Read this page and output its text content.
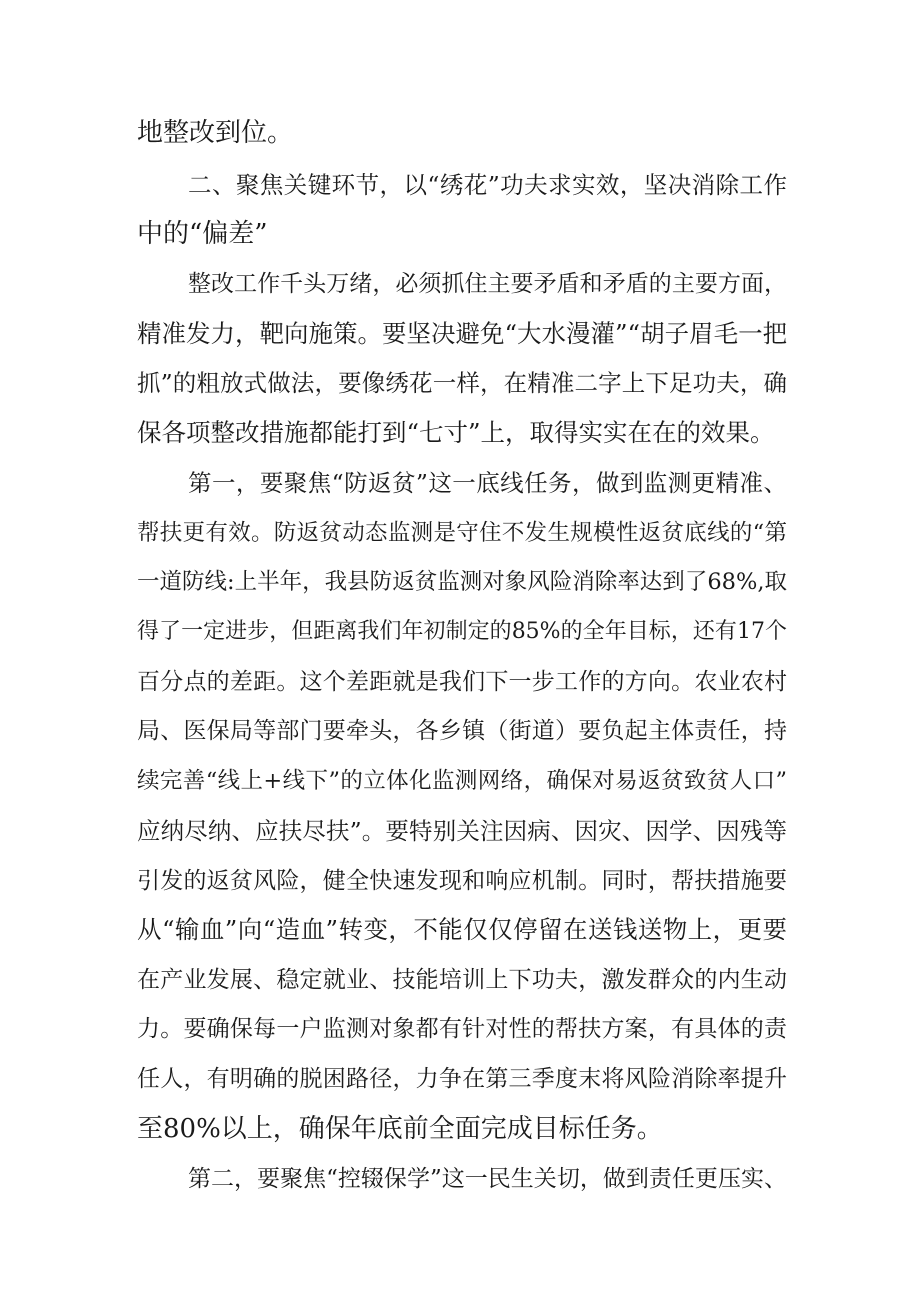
地整改到位。
二、聚焦关键环节，以“绣花”功夫求实效，坚决消除工作
中的“偏差”
整改工作千头万绪，必须抓住主要矛盾和矛盾的主要方面，
精准发力，靶向施策。要坚决避免“大水漫灌”“胡子眉毛一把
抓”的粗放式做法，要像绣花一样，在精准二字上下足功夫，确
保各项整改措施都能打到“七寸”上，取得实实在在的效果。
第一，要聚焦“防返贫”这一底线任务，做到监测更精准、
帮扶更有效。防返贫动态监测是守住不发生规模性返贫底线的“第
一道防线:上半年，我县防返贫监测对象风险消除率达到了68%,取
得了一定进步，但距离我们年初制定的85%的全年目标，还有17个
百分点的差距。这个差距就是我们下一步工作的方向。农业农村
局、医保局等部门要牵头，各乡镇（街道）要负起主体责任，持
续完善“线上+线下”的立体化监测网络，确保对易返贫致贫人口”
应纳尽纳、应扶尽扶”。要特别关注因病、因灾、因学、因残等
引发的返贫风险，健全快速发现和响应机制。同时，帮扶措施要
从“输血”向“造血”转变，不能仅仅停留在送钱送物上，更要
在产业发展、稳定就业、技能培训上下功夫，激发群众的内生动
力。要确保每一户监测对象都有针对性的帮扶方案，有具体的责
任人，有明确的脱困路径，力争在第三季度末将风险消除率提升
至80%以上，确保年底前全面完成目标任务。
第二，要聚焦“控辍保学”这一民生关切，做到责任更压实、
